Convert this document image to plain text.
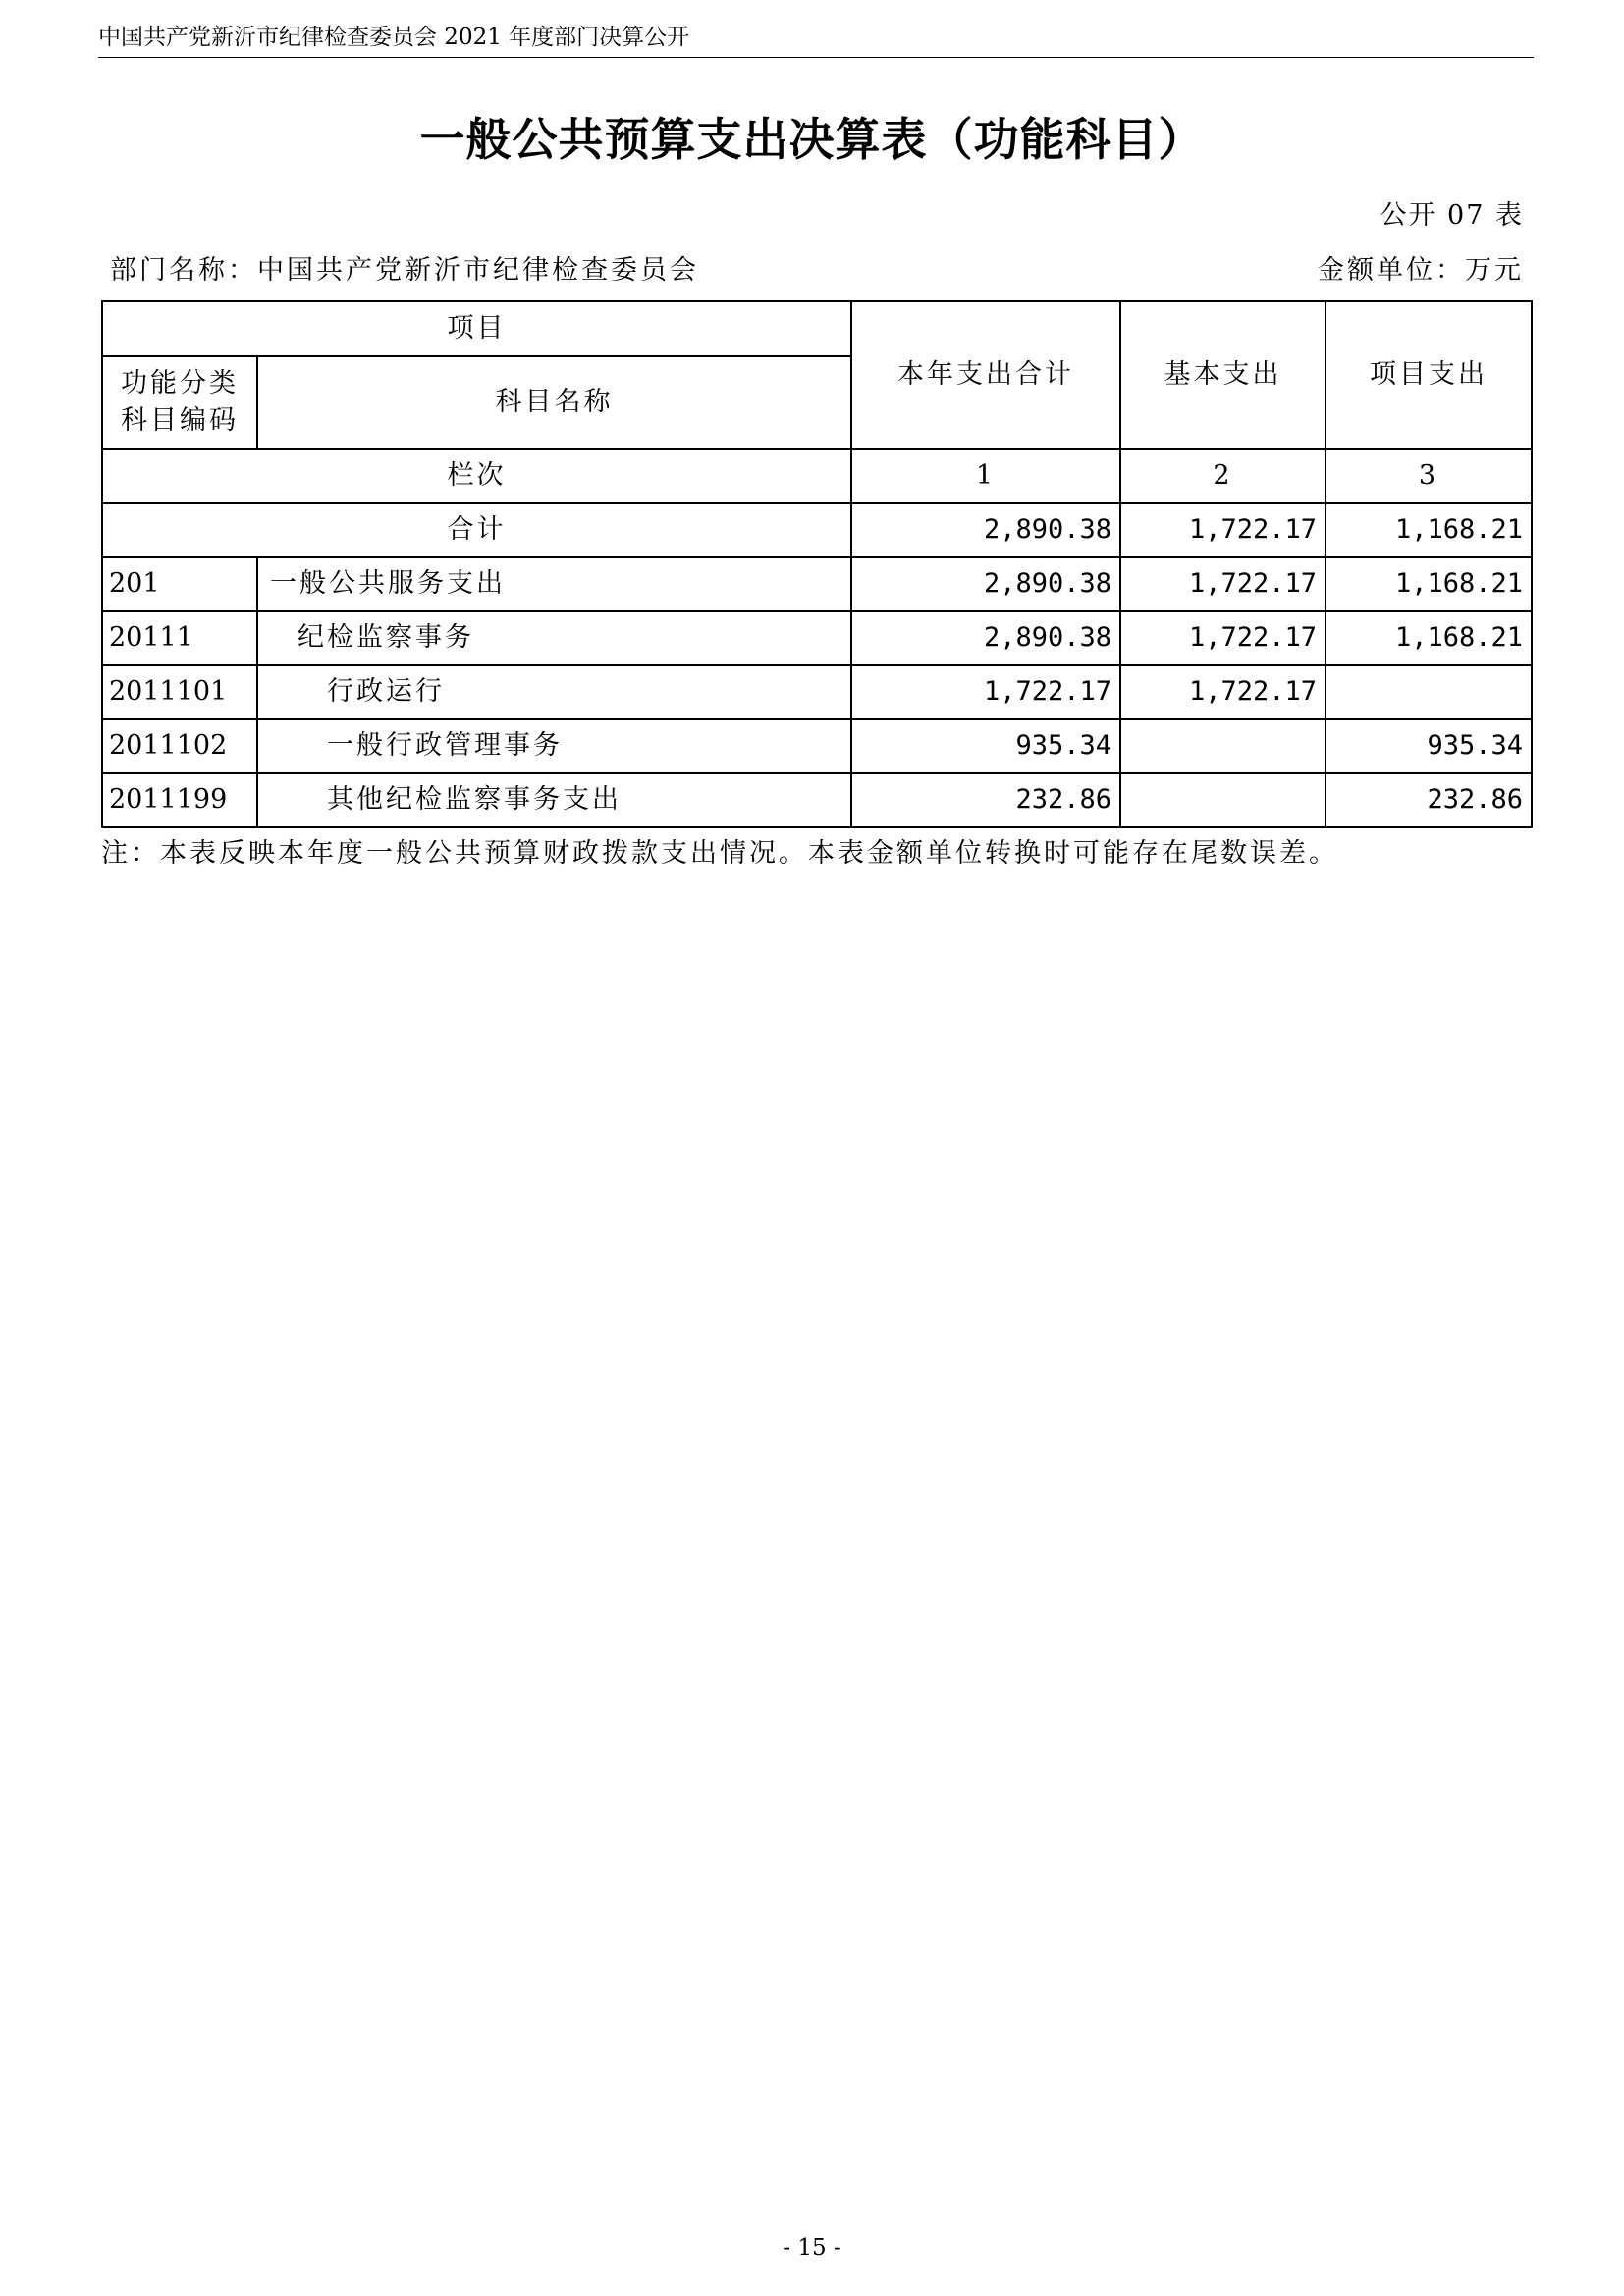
中国共产党新沂市纪律检查委员会 2021 年度部门决算公开
一般公共预算支出决算表（功能科目）
公开 07 表
部门名称：中国共产党新沂市纪律检查委员会	金额单位：万元
项目		本年支出合计	基本支出	项目支出
功能分类科目编码	科目名称			
栏次		1	2	3
合计		2,890.38	1,722.17	1,168.21
201	一般公共服务支出	2,890.38	1,722.17	1,168.21
20111	纪检监察事务	2,890.38	1,722.17	1,168.21
2011101	行政运行	1,722.17	1,722.17	
2011102	一般行政管理事务	935.34		935.34
2011199	其他纪检监察事务支出	232.86		232.86
注：本表反映本年度一般公共预算财政拨款支出情况。本表金额单位转换时可能存在尾数误差。
- 15 -
